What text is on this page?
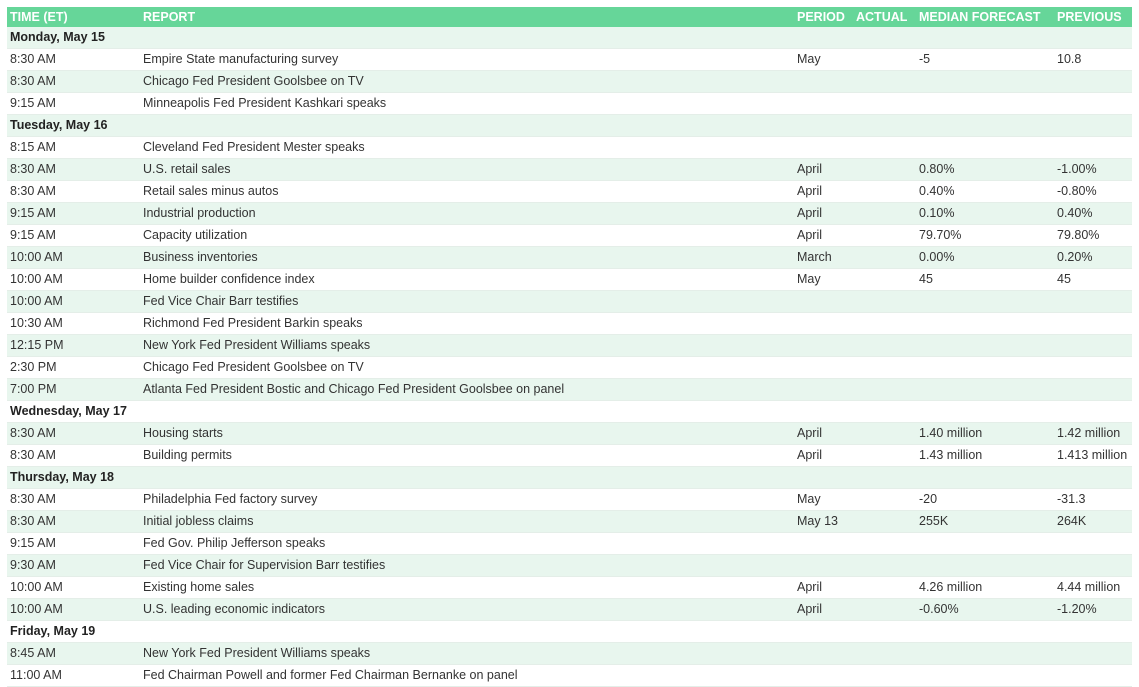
TIME (ET)	REPORT	PERIOD	ACTUAL	MEDIAN FORECAST	PREVIOUS
Monday, May 15					
8:30 AM	Empire State manufacturing survey	May		-5	10.8
8:30 AM	Chicago Fed President Goolsbee on TV				
9:15 AM	Minneapolis Fed President Kashkari speaks				
Tuesday, May 16					
8:15 AM	Cleveland Fed President Mester speaks				
8:30 AM	U.S. retail sales	April		0.80%	-1.00%
8:30 AM	Retail sales minus autos	April		0.40%	-0.80%
9:15 AM	Industrial production	April		0.10%	0.40%
9:15 AM	Capacity utilization	April		79.70%	79.80%
10:00 AM	Business inventories	March		0.00%	0.20%
10:00 AM	Home builder confidence index	May		45	45
10:00 AM	Fed Vice Chair Barr testifies				
10:30 AM	Richmond Fed President Barkin speaks				
12:15 PM	New York Fed President Williams speaks				
2:30 PM	Chicago Fed President Goolsbee on TV				
7:00 PM	Atlanta Fed President Bostic and Chicago Fed President Goolsbee on panel				
Wednesday, May 17					
8:30 AM	Housing starts	April		1.40 million	1.42 million
8:30 AM	Building permits	April		1.43 million	1.413 million
Thursday, May 18					
8:30 AM	Philadelphia Fed factory survey	May		-20	-31.3
8:30 AM	Initial jobless claims	May 13		255K	264K
9:15 AM	Fed Gov. Philip Jefferson speaks				
9:30 AM	Fed Vice Chair for Supervision Barr testifies				
10:00 AM	Existing home sales	April		4.26 million	4.44 million
10:00 AM	U.S. leading economic indicators	April		-0.60%	-1.20%
Friday, May 19					
8:45 AM	New York Fed President Williams speaks				
11:00 AM	Fed Chairman Powell and former Fed Chairman Bernanke on panel				
